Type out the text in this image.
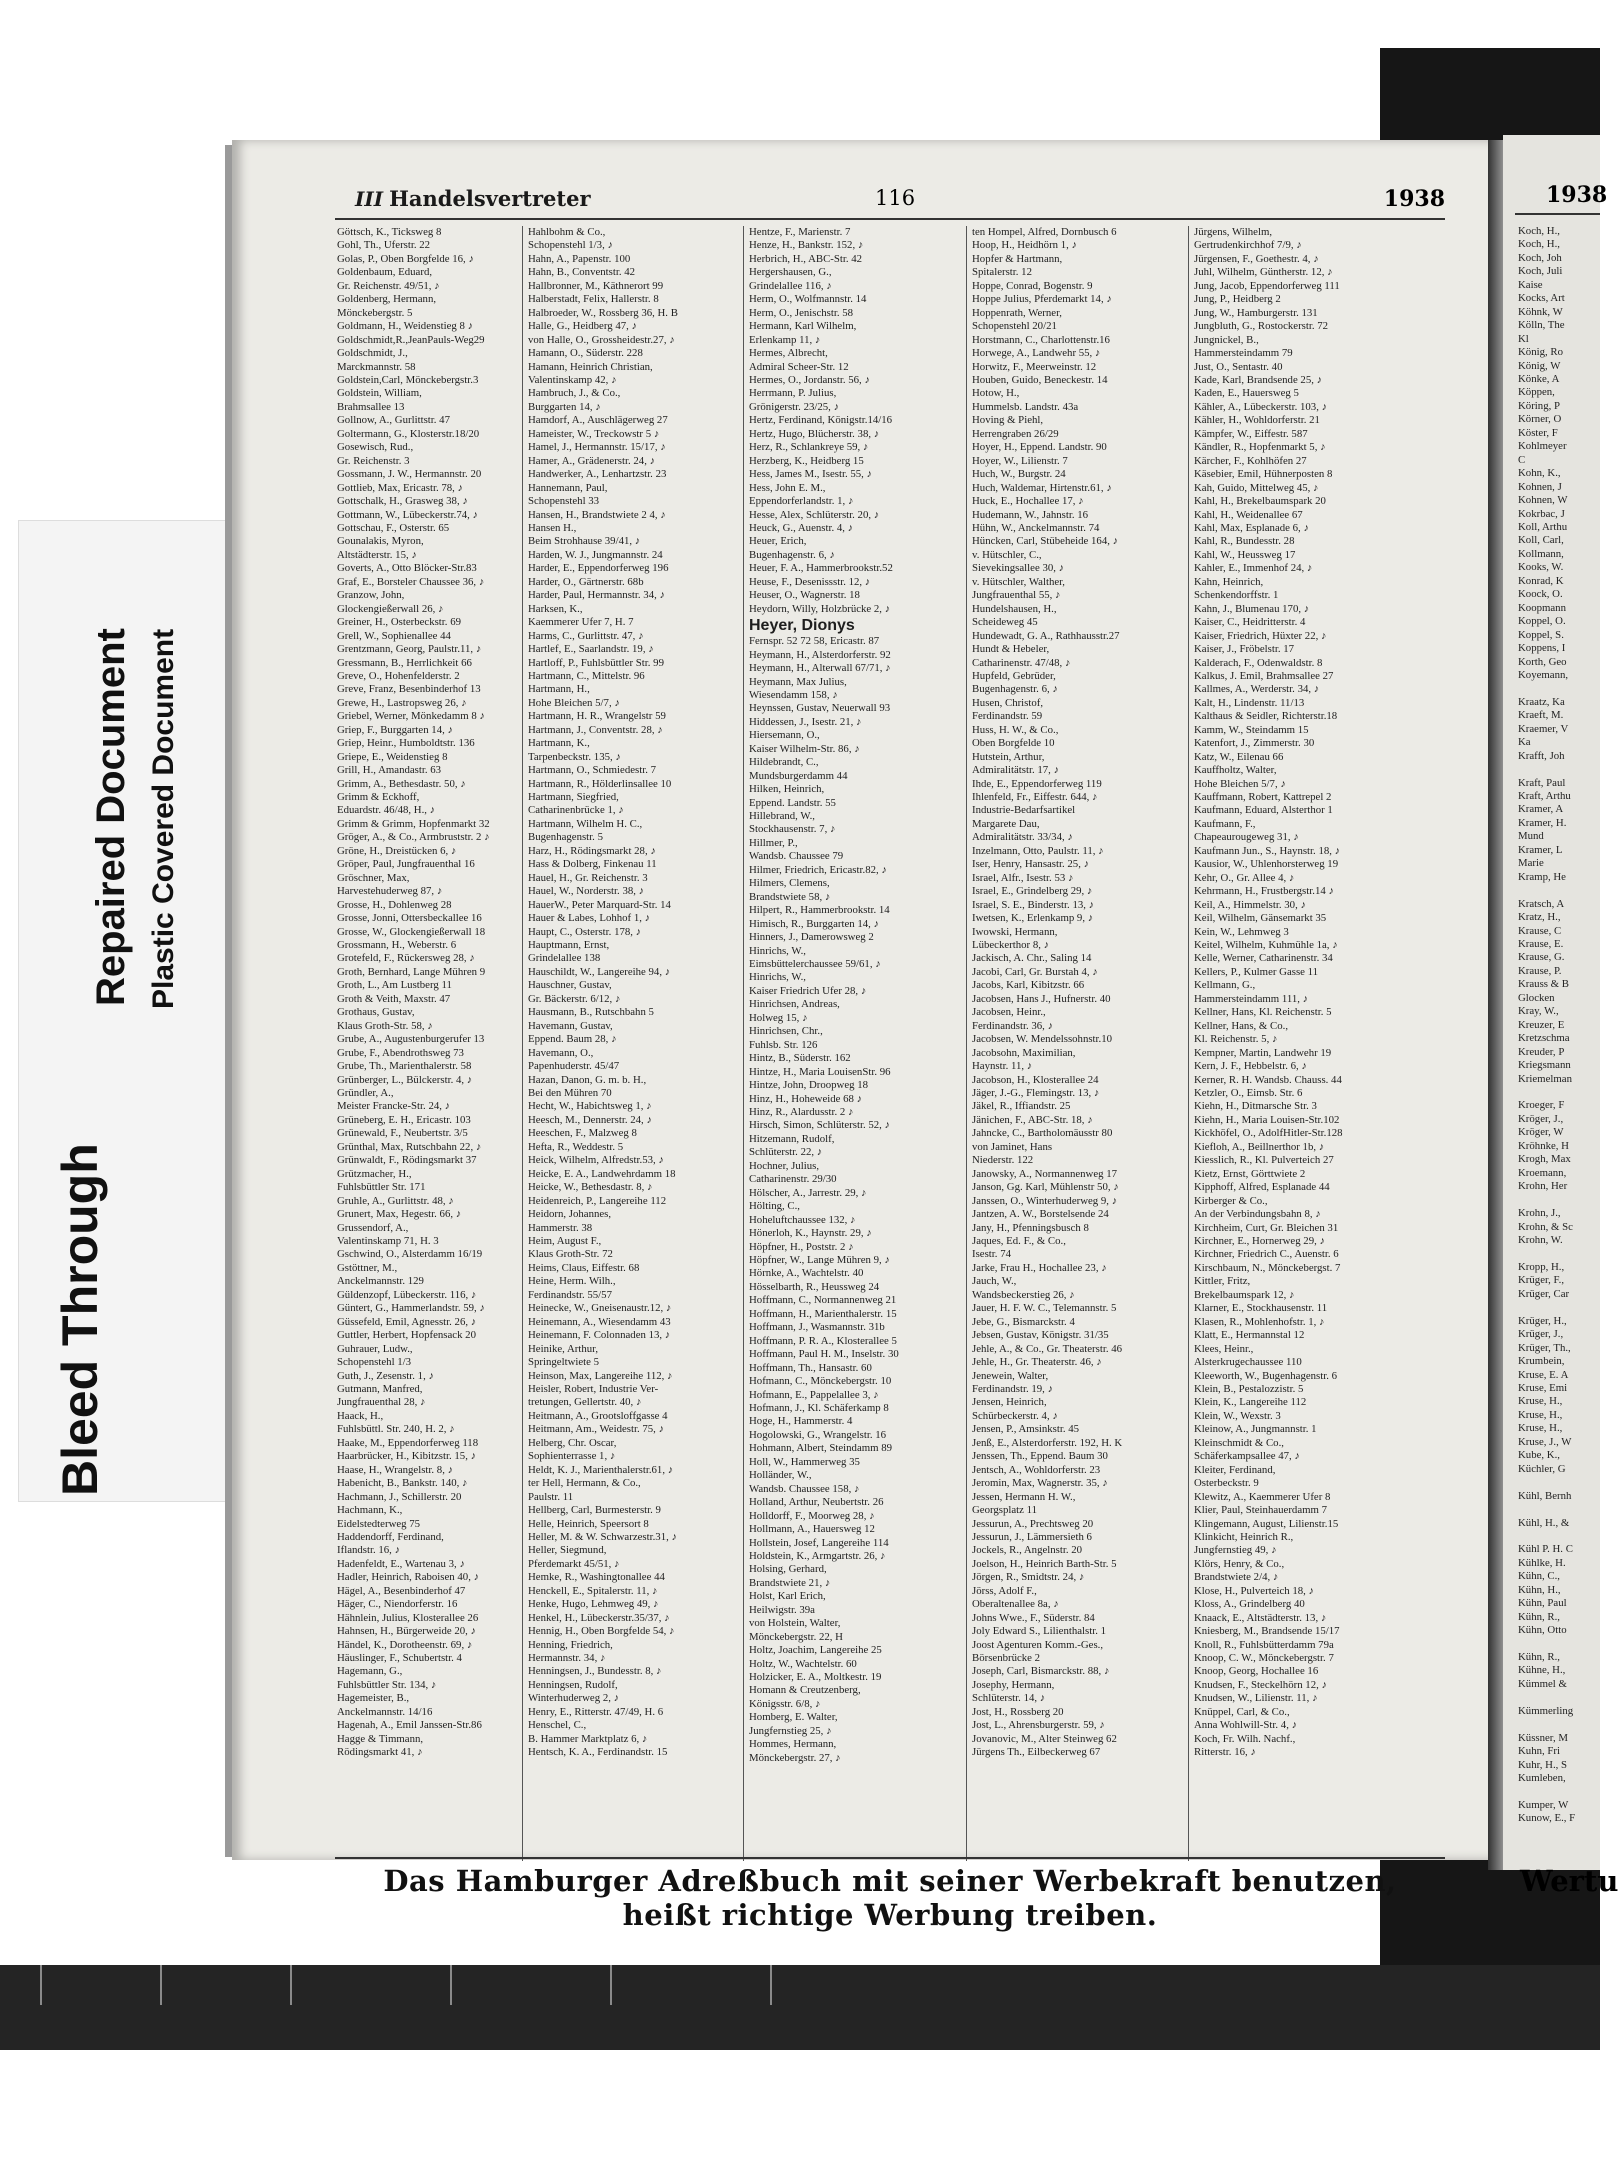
Bleed Through
Repaired Document Plastic Covered Document
III Handelsvertreter	116	1938
Göttsch, K., Ticksweg 8
Gohl, Th., Uferstr. 22
Golas, P., Oben Borgfelde 16, ♪
Goldenbaum, Eduard,
Gr. Reichenstr. 49/51, ♪
Goldenberg, Hermann,
Mönckebergstr. 5
Goldmann, H., Weidenstieg 8 ♪
Goldschmidt,R.,JeanPauls-Weg29
Goldschmidt, J.,
Marckmannstr. 58
Goldstein,Carl, Mönckebergstr.3
Goldstein, William,
Brahmsallee 13
Gollnow, A., Gurlittstr. 47
Goltermann, G., Klosterstr.18/20
Gosewisch, Rud.,
Gr. Reichenstr. 3
Gossmann, J. W., Hermannstr. 20
Gottlieb, Max, Ericastr. 78, ♪
Gottschalk, H., Grasweg 38, ♪
Gottmann, W., Lübeckerstr.74, ♪
Gottschau, F., Osterstr. 65
Gounalakis, Myron,
Altstädterstr. 15, ♪
Goverts, A., Otto Blöcker-Str.83
Graf, E., Borsteler Chaussee 36, ♪
Granzow, John,
Glockengießerwall 26, ♪
Greiner, H., Osterbeckstr. 69
Grell, W., Sophienallee 44
Grentzmann, Georg, Paulstr.11, ♪
Gressmann, B., Herrlichkeit 66
Greve, O., Hohenfelderstr. 2
Greve, Franz, Besenbinderhof 13
Grewe, H., Lastropsweg 26, ♪
Griebel, Werner, Mönkedamm 8 ♪
Griep, F., Burggarten 14, ♪
Griep, Heinr., Humboldtstr. 136
Griepe, E., Weidenstieg 8
Grill, H., Amandastr. 63
Grimm, A., Bethesdastr. 50, ♪
Grimm & Eckhoff,
Eduardstr. 46/48, H., ♪
Grimm & Grimm, Hopfenmarkt 32
Gröger, A., & Co., Armbruststr. 2 ♪
Gröne, H., Dreistücken 6, ♪
Gröper, Paul, Jungfrauenthal 16
Gröschner, Max,
Harvestehuderweg 87, ♪
Grosse, H., Dohlenweg 28
Grosse, Jonni, Ottersbeckallee 16
Grosse, W., Glockengießerwall 18
Grossmann, H., Weberstr. 6
Grotefeld, F., Rückersweg 28, ♪
Groth, Bernhard, Lange Mühren 9
Groth, L., Am Lustberg 11
Groth & Veith, Maxstr. 47
Grothaus, Gustav,
Klaus Groth-Str. 58, ♪
Grube, A., Augustenburgerufer 13
Grube, F., Abendrothsweg 73
Grube, Th., Marienthalerstr. 58
Grünberger, L., Bülckerstr. 4, ♪
Gründler, A.,
Meister Francke-Str. 24, ♪
Grüneberg, E. H., Ericastr. 103
Grünewald, F., Neubertstr. 3/5
Grünthal, Max, Rutschbahn 22, ♪
Grünwaldt, F., Rödingsmarkt 37
Grützmacher, H.,
Fuhlsbüttler Str. 171
Gruhle, A., Gurlittstr. 48, ♪
Grunert, Max, Hegestr. 66, ♪
Grussendorf, A.,
Valentinskamp 71, H. 3
Gschwind, O., Alsterdamm 16/19
Gstöttner, M.,
Anckelmannstr. 129
Güldenzopf, Lübeckerstr. 116, ♪
Güntert, G., Hammerlandstr. 59, ♪
Güssefeld, Emil, Agnesstr. 26, ♪
Guttler, Herbert, Hopfensack 20
Guhrauer, Ludw.,
Schopenstehl 1/3
Guth, J., Zesenstr. 1, ♪
Gutmann, Manfred,
Jungfrauenthal 28, ♪
Haack, H.,
Fuhlsbüttl. Str. 240, H. 2, ♪
Haake, M., Eppendorferweg 118
Haarbrücker, H., Kibitzstr. 15, ♪
Haase, H., Wrangelstr. 8, ♪
Habenicht, B., Bankstr. 140, ♪
Hachmann, J., Schillerstr. 20
Hachmann, K.,
Eidelstedterweg 75
Haddendorff, Ferdinand,
Iflandstr. 16, ♪
Hadenfeldt, E., Wartenau 3, ♪
Hadler, Heinrich, Raboisen 40, ♪
Hägel, A., Besenbinderhof 47
Häger, C., Niendorferstr. 16
Hähnlein, Julius, Klosterallee 26
Hahnsen, H., Bürgerweide 20, ♪
Händel, K., Dorotheenstr. 69, ♪
Häuslinger, F., Schubertstr. 4
Hagemann, G.,
Fuhlsbüttler Str. 134, ♪
Hagemeister, B.,
Anckelmannstr. 14/16
Hagenah, A., Emil Janssen-Str.86
Hagge & Timmann,
Rödingsmarkt 41, ♪
Hahlbohm & Co.,
Schopenstehl 1/3, ♪
Hahn, A., Papenstr. 100
Hahn, B., Conventstr. 42
Hallbronner, M., Käthnerort 99
Halberstadt, Felix, Hallerstr. 8
Halbroeder, W., Rossberg 36, H. B
Halle, G., Heidberg 47, ♪
von Halle, O., Grossheidestr.27, ♪
Hamann, O., Süderstr. 228
Hamann, Heinrich Christian,
Valentinskamp 42, ♪
Hambruch, J., & Co.,
Burggarten 14, ♪
Hamdorf, A., Auschlägerweg 27
Hameister, W., Treckowstr 5 ♪
Hamel, J., Hermannstr. 15/17, ♪
Hamer, A., Grädenerstr. 24, ♪
Handwerker, A., Lenhartzstr. 23
Hannemann, Paul,
Schopenstehl 33
Hansen, H., Brandstwiete 2 4, ♪
Hansen H.,
Beim Strohhause 39/41, ♪
Harden, W. J., Jungmannstr. 24
Harder, E., Eppendorferweg 196
Harder, O., Gärtnerstr. 68b
Harder, Paul, Hermannstr. 34, ♪
Harksen, K.,
Kaemmerer Ufer 7, H. 7
Harms, C., Gurlittstr. 47, ♪
Hartlef, E., Saarlandstr. 19, ♪
Hartloff, P., Fuhlsbüttler Str. 99
Hartmann, C., Mittelstr. 96
Hartmann, H.,
Hohe Bleichen 5/7, ♪
Hartmann, H. R., Wrangelstr 59
Hartmann, J., Conventstr. 28, ♪
Hartmann, K.,
Tarpenbeckstr. 135, ♪
Hartmann, O., Schmiedestr. 7
Hartmann, R., Hölderlinsallee 10
Hartmann, Siegfried,
Catharinenbrücke 1, ♪
Hartmann, Wilhelm H. C.,
Bugenhagenstr. 5
Harz, H., Rödingsmarkt 28, ♪
Hass & Dolberg, Finkenau 11
Hauel, H., Gr. Reichenstr. 3
Hauel, W., Norderstr. 38, ♪
HauerW., Peter Marquard-Str. 14
Hauer & Labes, Lohhof 1, ♪
Haupt, C., Osterstr. 178, ♪
Hauptmann, Ernst,
Grindelallee 138
Hauschildt, W., Langereihe 94, ♪
Hauschner, Gustav,
Gr. Bäckerstr. 6/12, ♪
Hausmann, B., Rutschbahn 5
Havemann, Gustav,
Eppend. Baum 28, ♪
Havemann, O.,
Papenhuderstr. 45/47
Hazan, Danon, G. m. b. H.,
Bei den Mühren 70
Hecht, W., Habichtsweg 1, ♪
Heesch, M., Dennerstr. 24, ♪
Heeschen, F., Malzweg 8
Hefta, R., Weddestr. 5
Heick, Wilhelm, Alfredstr.53, ♪
Heicke, E. A., Landwehrdamm 18
Heicke, W., Bethesdastr. 8, ♪
Heidenreich, P., Langereihe 112
Heidorn, Johannes,
Hammerstr. 38
Heim, August F.,
Klaus Groth-Str. 72
Heims, Claus, Eiffestr. 68
Heine, Herm. Wilh.,
Ferdinandstr. 55/57
Heinecke, W., Gneisenaustr.12, ♪
Heinemann, A., Wiesendamm 43
Heinemann, F. Colonnaden 13, ♪
Heinike, Arthur,
Springeltwiete 5
Heinson, Max, Langereihe 112, ♪
Heisler, Robert, Industrie Ver-
tretungen, Gellertstr. 40, ♪
Heitmann, A., Grootsloffgasse 4
Heitmann, Am., Weidestr. 75, ♪
Helberg, Chr. Oscar,
Sophienterrasse 1, ♪
Heldt, K. J., Marienthalerstr.61, ♪
ter Hell, Hermann, & Co.,
Paulstr. 11
Hellberg, Carl, Burmesterstr. 9
Helle, Heinrich, Speersort 8
Heller, M. & W. Schwarzestr.31, ♪
Heller, Siegmund,
Pferdemarkt 45/51, ♪
Hemke, R., Washingtonallee 44
Henckell, E., Spitalerstr. 11, ♪
Henke, Hugo, Lehmweg 49, ♪
Henkel, H., Lübeckerstr.35/37, ♪
Hennig, H., Oben Borgfelde 54, ♪
Henning, Friedrich,
Hermannstr. 34, ♪
Henningsen, J., Bundesstr. 8, ♪
Henningsen, Rudolf,
Winterhuderweg 2, ♪
Henry, E., Ritterstr. 47/49, H. 6
Henschel, C.,
B. Hammer Marktplatz 6, ♪
Hentsch, K. A., Ferdinandstr. 15
Hentze, F., Marienstr. 7
Henze, H., Bankstr. 152, ♪
Herbrich, H., ABC-Str. 42
Hergershausen, G.,
Grindelallee 116, ♪
Herm, O., Wolfmannstr. 14
Herm, O., Jenischstr. 58
Hermann, Karl Wilhelm,
Erlenkamp 11, ♪
Hermes, Albrecht,
Admiral Scheer-Str. 12
Hermes, O., Jordanstr. 56, ♪
Herrmann, P. Julius,
Grönigerstr. 23/25, ♪
Hertz, Ferdinand, Königstr.14/16
Hertz, Hugo, Blücherstr. 38, ♪
Herz, R., Schlankreye 59, ♪
Herzberg, K., Heidberg 15
Hess, James M., Isestr. 55, ♪
Hess, John E. M.,
Eppendorferlandstr. 1, ♪
Hesse, Alex, Schlüterstr. 20, ♪
Heuck, G., Auenstr. 4, ♪
Heuer, Erich,
Bugenhagenstr. 6, ♪
Heuer, F. A., Hammerbrookstr.52
Heuse, F., Desenissstr. 12, ♪
Heuser, O., Wagnerstr. 18
Heydorn, Willy, Holzbrücke 2, ♪
Heyer, Dionys
Fernspr. 52 72 58, Ericastr. 87
Heymann, H., Alsterdorferstr. 92
Heymann, H., Alterwall 67/71, ♪
Heymann, Max Julius,
Wiesendamm 158, ♪
Heynssen, Gustav, Neuerwall 93
Hiddessen, J., Isestr. 21, ♪
Hiersemann, O.,
Kaiser Wilhelm-Str. 86, ♪
Hildebrandt, C.,
Mundsburgerdamm 44
Hilken, Heinrich,
Eppend. Landstr. 55
Hillebrand, W.,
Stockhausenstr. 7, ♪
Hillmer, P.,
Wandsb. Chaussee 79
Hilmer, Friedrich, Ericastr.82, ♪
Hilmers, Clemens,
Brandstwiete 58, ♪
Hilpert, R., Hammerbrookstr. 14
Himisch, R., Burggarten 14, ♪
Hinners, J., Damerowsweg 2
Hinrichs, W.,
Eimsbüttelerchaussee 59/61, ♪
Hinrichs, W.,
Kaiser Friedrich Ufer 28, ♪
Hinrichsen, Andreas,
Holweg 15, ♪
Hinrichsen, Chr.,
Fuhlsb. Str. 126
Hintz, B., Süderstr. 162
Hintze, H., Maria LouisenStr. 96
Hintze, John, Droopweg 18
Hinz, H., Hoheweide 68 ♪
Hinz, R., Alardusstr. 2 ♪
Hirsch, Simon, Schlüterstr. 52, ♪
Hitzemann, Rudolf,
Schlüterstr. 22, ♪
Hochner, Julius,
Catharinenstr. 29/30
Hölscher, A., Jarrestr. 29, ♪
Hölting, C.,
Hoheluftchaussee 132, ♪
Hönerloh, K., Haynstr. 29, ♪
Höpfner, H., Poststr. 2 ♪
Höpfner, W., Lange Mühren 9, ♪
Hörnke, A., Wachtelstr. 40
Hösselbarth, R., Heussweg 24
Hoffmann, C., Normannenweg 21
Hoffmann, H., Marienthalerstr. 15
Hoffmann, J., Wasmannstr. 31b
Hoffmann, P. R. A., Klosterallee 5
Hoffmann, Paul H. M., Inselstr. 30
Hoffmann, Th., Hansastr. 60
Hofmann, C., Mönckebergstr. 10
Hofmann, E., Pappelallee 3, ♪
Hofmann, J., Kl. Schäferkamp 8
Hoge, H., Hammerstr. 4
Hogolowski, G., Wrangelstr. 16
Hohmann, Albert, Steindamm 89
Holl, W., Hammerweg 35
Holländer, W.,
Wandsb. Chaussee 158, ♪
Holland, Arthur, Neubertstr. 26
Holldorff, F., Moorweg 28, ♪
Hollmann, A., Hauersweg 12
Hollstein, Josef, Langereihe 114
Holdstein, K., Armgartstr. 26, ♪
Holsing, Gerhard,
Brandstwiete 21, ♪
Holst, Karl Erich,
Heilwigstr. 39a
von Holstein, Walter,
Mönckebergstr. 22, H
Holtz, Joachim, Langereihe 25
Holtz, W., Wachtelstr. 60
Holzicker, E. A., Moltkestr. 19
Homann & Creutzenberg,
Königsstr. 6/8, ♪
Homberg, E. Walter,
Jungfernstieg 25, ♪
Hommes, Hermann,
Mönckebergstr. 27, ♪
ten Hompel, Alfred, Dornbusch 6
Hoop, H., Heidhörn 1, ♪
Hopfer & Hartmann,
Spitalerstr. 12
Hoppe, Conrad, Bogenstr. 9
Hoppe Julius, Pferdemarkt 14, ♪
Hoppenrath, Werner,
Schopenstehl 20/21
Horstmann, C., Charlottenstr.16
Horwege, A., Landwehr 55, ♪
Horwitz, F., Meerweinstr. 12
Houben, Guido, Beneckestr. 14
Hotow, H.,
Hummelsb. Landstr. 43a
Hoving & Piehl,
Herrengraben 26/29
Hoyer, H., Eppend. Landstr. 90
Hoyer, W., Lilienstr. 7
Huch, W., Burgstr. 24
Huch, Waldemar, Hirtenstr.61, ♪
Huck, E., Hochallee 17, ♪
Hudemann, W., Jahnstr. 16
Hühn, W., Anckelmannstr. 74
Hüncken, Carl, Stübeheide 164, ♪
v. Hütschler, C.,
Sievekingsallee 30, ♪
v. Hütschler, Walther,
Jungfrauenthal 55, ♪
Hundelshausen, H.,
Scheideweg 45
Hundewadt, G. A., Rathhausstr.27
Hundt & Hebeler,
Catharinenstr. 47/48, ♪
Hupfeld, Gebrüder,
Bugenhagenstr. 6, ♪
Husen, Christof,
Ferdinandstr. 59
Huss, H. W., & Co.,
Oben Borgfelde 10
Hutstein, Arthur,
Admiralitätstr. 17, ♪
Ihde, E., Eppendorferweg 119
Ihlenfeld, Fr., Eiffestr. 644, ♪
Industrie-Bedarfsartikel
Margarete Dau,
Admiralitätstr. 33/34, ♪
Inzelmann, Otto, Paulstr. 11, ♪
Iser, Henry, Hansastr. 25, ♪
Israel, Alfr., Isestr. 53 ♪
Israel, E., Grindelberg 29, ♪
Israel, S. E., Binderstr. 13, ♪
Iwetsen, K., Erlenkamp 9, ♪
Iwowski, Hermann,
Lübeckerthor 8, ♪
Jackisch, A. Chr., Saling 14
Jacobi, Carl, Gr. Burstah 4, ♪
Jacobs, Karl, Kibitzstr. 66
Jacobsen, Hans J., Hufnerstr. 40
Jacobsen, Heinr.,
Ferdinandstr. 36, ♪
Jacobsen, W. Mendelssohnstr.10
Jacobsohn, Maximilian,
Haynstr. 11, ♪
Jacobson, H., Klosterallee 24
Jäger, J.-G., Flemingstr. 13, ♪
Jäkel, R., Iffiandstr. 25
Jänichen, F., ABC-Str. 18, ♪
Jahncke, C., Bartholomäusstr 80
von Jaminet, Hans
Niederstr. 122
Janowsky, A., Normannenweg 17
Janson, Gg. Karl, Mühlenstr 50, ♪
Janssen, O., Winterhuderweg 9, ♪
Jantzen, A. W., Borstelsende 24
Jany, H., Pfenningsbusch 8
Jaques, Ed. F., & Co.,
Isestr. 74
Jarke, Frau H., Hochallee 23, ♪
Jauch, W.,
Wandsbeckerstieg 26, ♪
Jauer, H. F. W. C., Telemannstr. 5
Jebe, G., Bismarckstr. 4
Jebsen, Gustav, Königstr. 31/35
Jehle, A., & Co., Gr. Theaterstr. 46
Jehle, H., Gr. Theaterstr. 46, ♪
Jenewein, Walter,
Ferdinandstr. 19, ♪
Jensen, Heinrich,
Schürbeckerstr. 4, ♪
Jensen, P., Amsinkstr. 45
Jenß, E., Alsterdorferstr. 192, H. K
Jenssen, Th., Eppend. Baum 30
Jentsch, A., Wohldorferstr. 23
Jeromin, Max, Wagnerstr. 35, ♪
Jessen, Hermann H. W.,
Georgsplatz 11
Jessurun, A., Prechtsweg 20
Jessurun, J., Lämmersieth 6
Jockels, R., Angelnstr. 20
Joelson, H., Heinrich Barth-Str. 5
Jörgen, R., Smidtstr. 24, ♪
Jörss, Adolf F.,
Oberaltenallee 8a, ♪
Johns Wwe., F., Süderstr. 84
Joly Edward S., Lilienthalstr. 1
Joost Agenturen Komm.-Ges.,
Börsenbrücke 2
Joseph, Carl, Bismarckstr. 88, ♪
Josephy, Hermann,
Schlüterstr. 14, ♪
Jost, H., Rossberg 20
Jost, L., Ahrensburgerstr. 59, ♪
Jovanovic, M., Alter Steinweg 62
Jürgens Th., Eilbeckerweg 67
Jürgens, Wilhelm,
Gertrudenkirchhof 7/9, ♪
Jürgensen, F., Goethestr. 4, ♪
Juhl, Wilhelm, Güntherstr. 12, ♪
Jung, Jacob, Eppendorferweg 111
Jung, P., Heidberg 2
Jung, W., Hamburgerstr. 131
Jungbluth, G., Rostockerstr. 72
Jungnickel, B.,
Hammersteindamm 79
Just, O., Sentastr. 40
Kade, Karl, Brandsende 25, ♪
Kaden, E., Hauersweg 5
Kähler, A., Lübeckerstr. 103, ♪
Kähler, H., Wohldorferstr. 21
Kämpfer, W., Eiffestr. 587
Kändler, R., Hopfenmarkt 5, ♪
Kärcher, F., Kohlhöfen 27
Käsebier, Emil, Hühnerposten 8
Kah, Guido, Mittelweg 45, ♪
Kahl, H., Brekelbaumspark 20
Kahl, H., Weidenallee 67
Kahl, Max, Esplanade 6, ♪
Kahl, R., Bundesstr. 28
Kahl, W., Heussweg 17
Kahler, E., Immenhof 24, ♪
Kahn, Heinrich,
Schenkendorffstr. 1
Kahn, J., Blumenau 170, ♪
Kaiser, C., Heidritterstr. 4
Kaiser, Friedrich, Hüxter 22, ♪
Kaiser, J., Fröbelstr. 17
Kalderach, F., Odenwaldstr. 8
Kalkus, J. Emil, Brahmsallee 27
Kallmes, A., Werderstr. 34, ♪
Kalt, H., Lindenstr. 11/13
Kalthaus & Seidler, Richterstr.18
Kamm, W., Steindamm 15
Katenfort, J., Zimmerstr. 30
Katz, W., Eilenau 66
Kauffholtz, Walter,
Hohe Bleichen 5/7, ♪
Kauffmann, Robert, Kattrepel 2
Kaufmann, Eduard, Alsterthor 1
Kaufmann, F.,
Chapeaurougeweg 31, ♪
Kaufmann Jun., S., Haynstr. 18, ♪
Kausior, W., Uhlenhorsterweg 19
Kehr, O., Gr. Allee 4, ♪
Kehrmann, H., Frustbergstr.14 ♪
Keil, A., Himmelstr. 30, ♪
Keil, Wilhelm, Gänsemarkt 35
Kein, W., Lehmweg 3
Keitel, Wilhelm, Kuhmühle 1a, ♪
Kelle, Werner, Catharinenstr. 34
Kellers, P., Kulmer Gasse 11
Kellmann, G.,
Hammersteindamm 111, ♪
Kellner, Hans, Kl. Reichenstr. 5
Kellner, Hans, & Co.,
Kl. Reichenstr. 5, ♪
Kempner, Martin, Landwehr 19
Kern, J. F., Hebbelstr. 6, ♪
Kerner, R. H. Wandsb. Chauss. 44
Ketzler, O., Eimsb. Str. 6
Kiehn, H., Ditmarsche Str. 3
Kiehn, H., Maria Louisen-Str.102
Kickhöfel, O., AdolfHitler-Str.128
Kiefloh, A., Beillnerthor 1b, ♪
Kiesslich, R., Kl. Pulverteich 27
Kietz, Ernst, Görttwiete 2
Kipphoff, Alfred, Esplanade 44
Kirberger & Co.,
An der Verbindungsbahn 8, ♪
Kirchheim, Curt, Gr. Bleichen 31
Kirchner, E., Hornerweg 29, ♪
Kirchner, Friedrich C., Auenstr. 6
Kirschbaum, N., Mönckebergst. 7
Kittler, Fritz,
Brekelbaumspark 12, ♪
Klarner, E., Stockhausenstr. 11
Klasen, R., Mohlenhofstr. 1, ♪
Klatt, E., Hermannstal 12
Klees, Heinr.,
Alsterkrugechaussee 110
Kleeworth, W., Bugenhagenstr. 6
Klein, B., Pestalozzistr. 5
Klein, K., Langereihe 112
Klein, W., Wexstr. 3
Kleinow, A., Jungmannstr. 1
Kleinschmidt & Co.,
Schäferkampsallee 47, ♪
Kleiter, Ferdinand,
Osterbeckstr. 9
Klewitz, A., Kaemmerer Ufer 8
Klier, Paul, Steinhauerdamm 7
Klingemann, August, Lilienstr.15
Klinkicht, Heinrich R.,
Jungfernstieg 49, ♪
Klörs, Henry, & Co.,
Brandstwiete 2/4, ♪
Klose, H., Pulverteich 18, ♪
Kloss, A., Grindelberg 40
Knaack, E., Altstädterstr. 13, ♪
Kniesberg, M., Brandsende 15/17
Knoll, R., Fuhlsbütterdamm 79a
Knoop, C. W., Mönckebergstr. 7
Knoop, Georg, Hochallee 16
Knudsen, F., Steckelhörn 12, ♪
Knudsen, W., Lilienstr. 11, ♪
Knüppel, Carl, & Co.,
Anna Wohlwill-Str. 4, ♪
Koch, Fr. Wilh. Nachf.,
Ritterstr. 16, ♪
Das Hamburger Adreßbuch mit seiner Werbekraft benutzen, heißt richtige Werbung treiben.
1938
Koch, H.,
Koch, H.,
Koch, Joh
Koch, Juli
Kaise
Kocks, Art
Köhnk, W
Kölln, The
Kl
König, Ro
König, W
Könke, A
Köppen,
Köring, P
Körner, O
Köster, F
Kohlmeyer
C
Kohn, K.,
Kohnen, J
Kohnen, W
Kokrbac, J
Koll, Arthu
Koll, Carl,
Kollmann,
Kooks, W.
Konrad, K
Koock, O.
Koopmann
Koppel, O.
Koppel, S.
Koppens, I
Korth, Geo
Koyemann,

Kraatz, Ka
Kraeft, M.
Kraemer, V
Ka
Krafft, Joh

Kraft, Paul
Kraft, Arthu
Kramer, A
Kramer, H.
Mund
Kramer, L
Marie
Kramp, He

Kratsch, A
Kratz, H.,
Krause, C
Krause, E.
Krause, G.
Krause, P.
Krauss & B
Glocken
Kray, W.,
Kreuzer, E
Kretzschma
Kreuder, P
Kriegsmann
Kriemelman

Kroeger, F
Kröger, J.,
Kröger, W
Kröhnke, H
Krogh, Max
Kroemann,
Krohn, Her

Krohn, J.,
Krohn, & Sc
Krohn, W.

Kropp, H.,
Krüger, F.,
Krüger, Car

Krüger, H.,
Krüger, J.,
Krüger, Th.,
Krumbein,
Kruse, E. A
Kruse, Emi
Kruse, H.,
Kruse, H.,
Kruse, H.,
Kruse, J., W
Kube, K.,
Küchler, G

Kühl, Bernh

Kühl, H., &

Kühl P. H. C
Kühlke, H.
Kühn, C.,
Kühn, H.,
Kühn, Paul
Kühn, R.,
Kühn, Otto

Kühn, R.,
Kühne, H.,
Kümmel &

Kümmerling

Küssner, M
Kuhn, Fri
Kuhr, H., S
Kumleben,

Kumper, W
Kunow, E., F
Wertu
